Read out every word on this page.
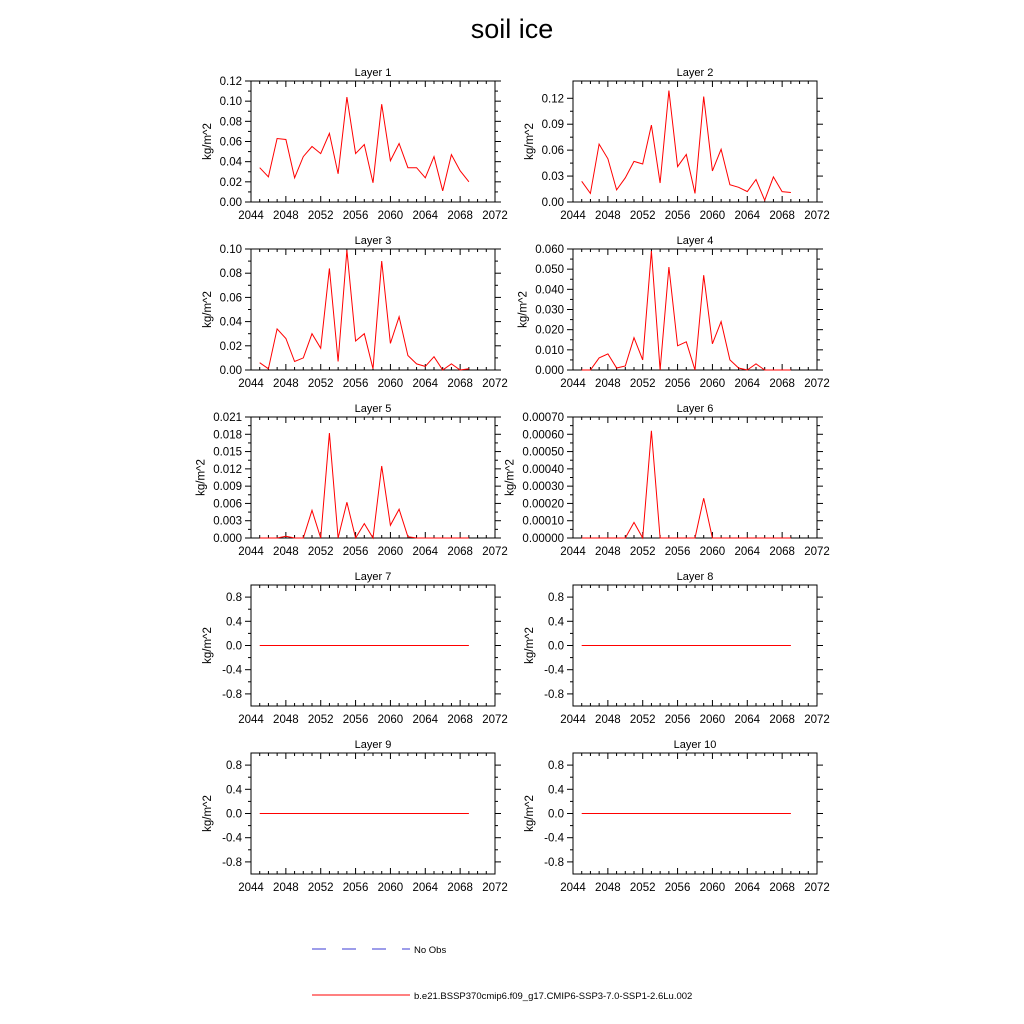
soil ice
Layer 1
2044 2048 2052 2056 2060 2064 2068 2072
0.00
0.02
0.04
0.06
0.08
0.10
0.12
kg/m^2
Layer 2
2044 2048 2052 2056 2060 2064 2068 2072
0.00
0.03
0.06
0.09
0.12
kg/m^2
Layer 3
2044 2048 2052 2056 2060 2064 2068 2072
0.00
0.02
0.04
0.06
0.08
0.10
kg/m^2
Layer 4
2044 2048 2052 2056 2060 2064 2068 2072
0.000
0.010
0.020
0.030
0.040
0.050
0.060
kg/m^2
Layer 5
2044 2048 2052 2056 2060 2064 2068 2072
0.000
0.003
0.006
0.009
0.012
0.015
0.018
0.021
kg/m^2
Layer 6
2044 2048 2052 2056 2060 2064 2068 2072
0.00000
0.00010
0.00020
0.00030
0.00040
0.00050
0.00060
0.00070
kg/m^2
Layer 7
2044 2048 2052 2056 2060 2064 2068 2072
-0.8
-0.4
0.0
0.4
0.8
kg/m^2
Layer 8
2044 2048 2052 2056 2060 2064 2068 2072
-0.8
-0.4
0.0
0.4
0.8
kg/m^2
Layer 9
2044 2048 2052 2056 2060 2064 2068 2072
-0.8
-0.4
0.0
0.4
0.8
kg/m^2
Layer 10
2044 2048 2052 2056 2060 2064 2068 2072
-0.8
-0.4
0.0
0.4
0.8
kg/m^2
No Obs
b.e21.BSSP370cmip6.f09_g17.CMIP6-SSP3-7.0-SSP1-2.6Lu.002
